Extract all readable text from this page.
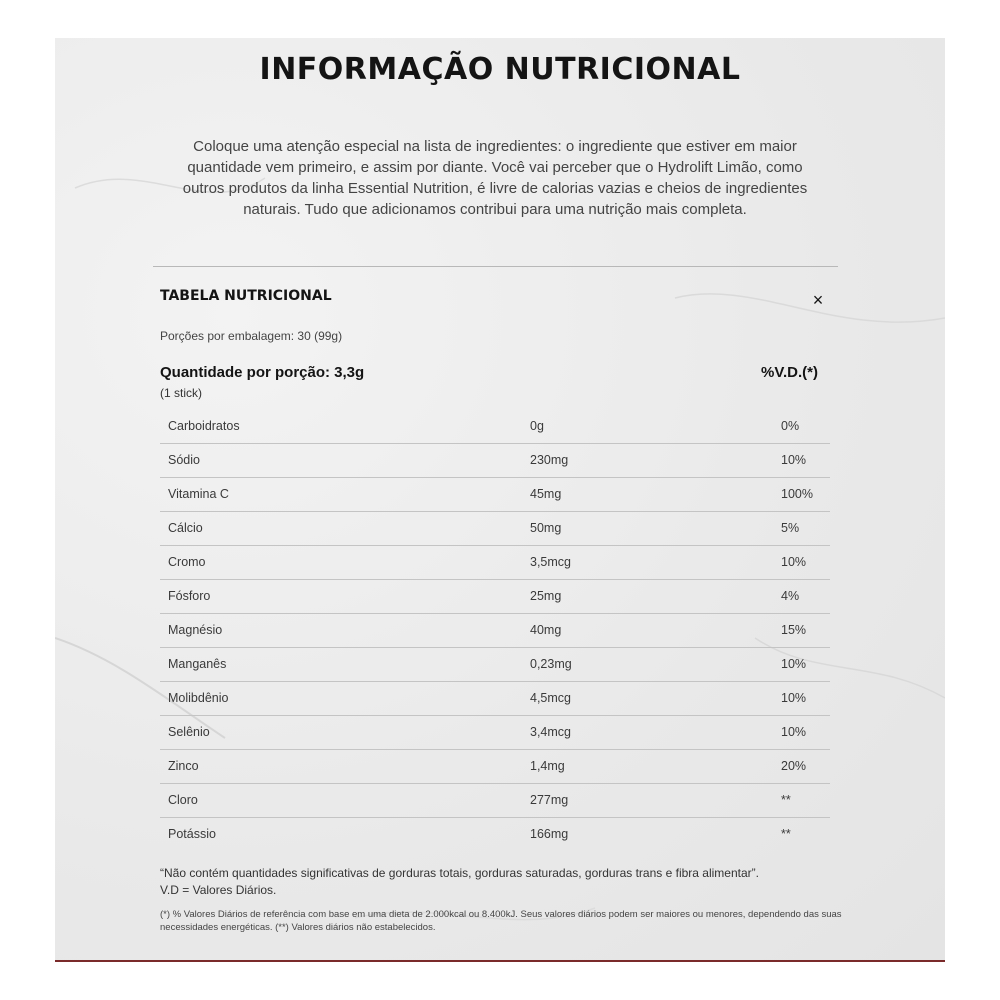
INFORMAÇÃO NUTRICIONAL

Coloque uma atenção especial na lista de ingredientes: o ingrediente que estiver em maior quantidade vem primeiro, e assim por diante. Você vai perceber que o Hydrolift Limão, como outros produtos da linha Essential Nutrition, é livre de calorias vazias e cheios de ingredientes naturais. Tudo que adicionamos contribui para uma nutrição mais completa.

TABELA NUTRICIONAL	×
Porções por embalagem: 30 (99g)
Quantidade por porção: 3,3g
(1 stick)
%V.D.(*)
Carboidratos	0g	0%
Sódio	230mg	10%
Vitamina C	45mg	100%
Cálcio	50mg	5%
Cromo	3,5mcg	10%
Fósforo	25mg	4%
Magnésio	40mg	15%
Manganês	0,23mg	10%
Molibdênio	4,5mcg	10%
Selênio	3,4mcg	10%
Zinco	1,4mg	20%
Cloro	277mg	**
Potássio	166mg	**
“Não contém quantidades significativas de gorduras totais, gorduras saturadas, gorduras trans e fibra alimentar”.
V.D = Valores Diários.
(*) % Valores Diários de referência com base em uma dieta de 2.000kcal ou 8.400kJ. Seus valores diários podem ser maiores ou menores, dependendo das suas necessidades energéticas. (**) Valores diários não estabelecidos.
